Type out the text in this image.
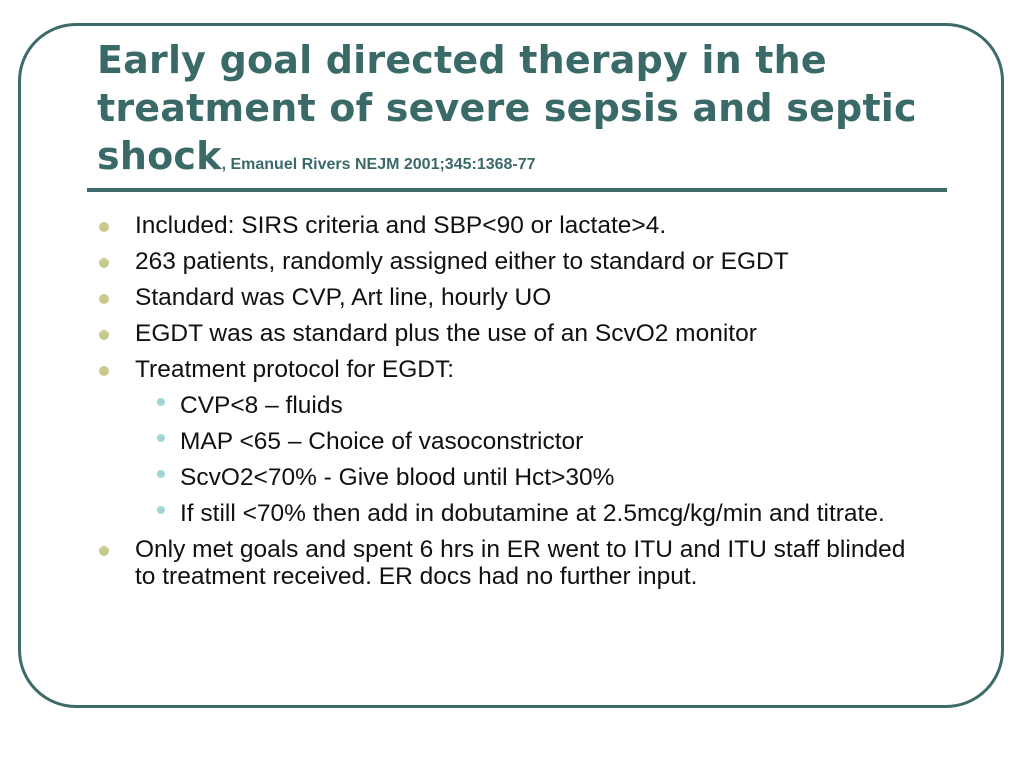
Early goal directed therapy in the treatment of severe sepsis and septic shock, Emanuel Rivers NEJM 2001;345:1368-77
Included: SIRS criteria and SBP<90 or lactate>4.
263 patients, randomly assigned either to standard or EGDT
Standard was CVP, Art line, hourly UO
EGDT was as standard plus the use of an ScvO2 monitor
Treatment protocol for EGDT:
CVP<8 – fluids
MAP <65 – Choice of vasoconstrictor
ScvO2<70% - Give blood until Hct>30%
If still <70% then add in dobutamine at 2.5mcg/kg/min and titrate.
Only met goals and spent 6 hrs in ER went to ITU and ITU staff blinded to treatment received. ER docs had no further input.
